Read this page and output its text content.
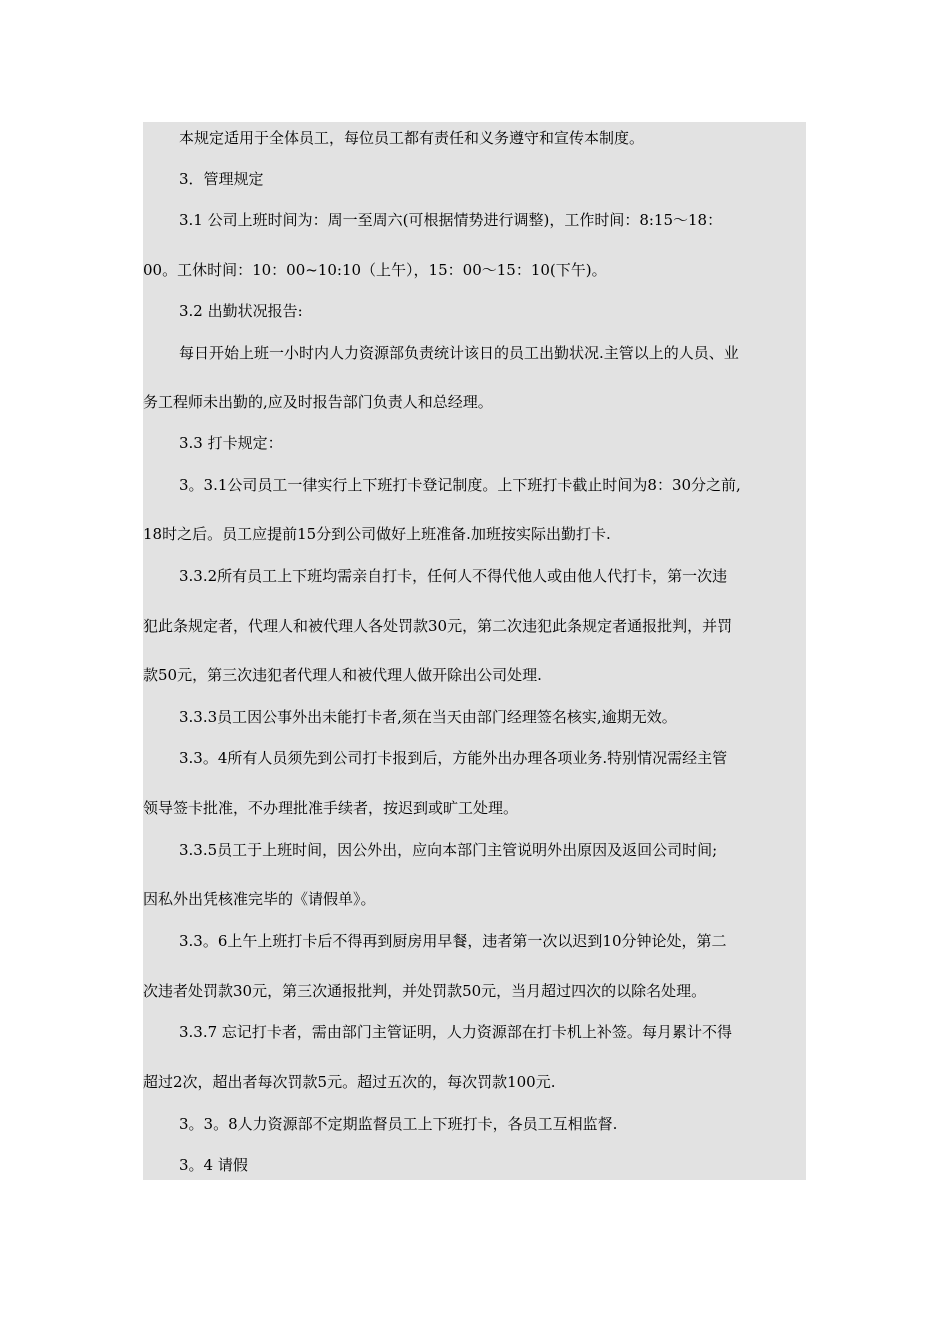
本规定适用于全体员工，每位员工都有责任和义务遵守和宣传本制度。
3．管理规定
3.1 公司上班时间为：周一至周六(可根据情势进行调整)，工作时间：8:15～18：
00。工休时间：10：00~10:10（上午），15：00～15：10(下午)。
3.2 出勤状况报告:
每日开始上班一小时内人力资源部负责统计该日的员工出勤状况.主管以上的人员、业
务工程师未出勤的,应及时报告部门负责人和总经理。
3.3 打卡规定：
3。3.1公司员工一律实行上下班打卡登记制度。上下班打卡截止时间为8：30分之前,
18时之后。员工应提前15分到公司做好上班准备.加班按实际出勤打卡.
3.3.2所有员工上下班均需亲自打卡，任何人不得代他人或由他人代打卡，第一次违
犯此条规定者，代理人和被代理人各处罚款30元，第二次违犯此条规定者通报批判，并罚
款50元，第三次违犯者代理人和被代理人做开除出公司处理.
3.3.3员工因公事外出未能打卡者,须在当天由部门经理签名核实,逾期无效。
3.3。4所有人员须先到公司打卡报到后，方能外出办理各项业务.特别情况需经主管
领导签卡批准，不办理批准手续者，按迟到或旷工处理。
3.3.5员工于上班时间，因公外出，应向本部门主管说明外出原因及返回公司时间;
因私外出凭核准完毕的《请假单》。
3.3。6上午上班打卡后不得再到厨房用早餐，违者第一次以迟到10分钟论处，第二
次违者处罚款30元，第三次通报批判，并处罚款50元，当月超过四次的以除名处理。
3.3.7 忘记打卡者，需由部门主管证明，人力资源部在打卡机上补签。每月累计不得
超过2次，超出者每次罚款5元。超过五次的，每次罚款100元.
3。3。8人力资源部不定期监督员工上下班打卡，各员工互相监督.
3。4 请假
